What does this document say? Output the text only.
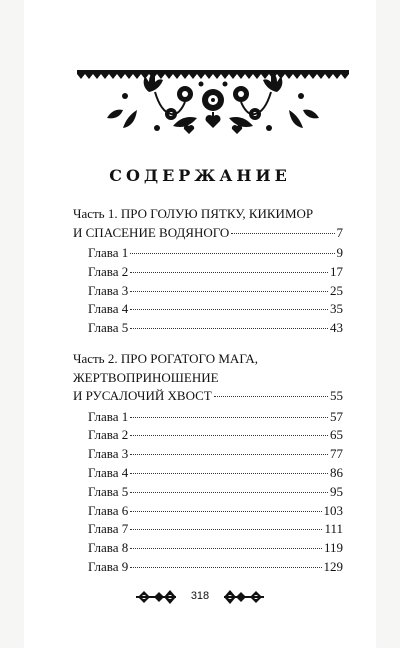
СОДЕРЖАНИЕ
Часть 1. ПРО ГОЛУЮ ПЯТКУ, КИКИМОР
И СПАСЕНИЕ ВОДЯНОГО	7
Глава 1	9
Глава 2	17
Глава 3	25
Глава 4	35
Глава 5	43
Часть 2. ПРО РОГАТОГО МАГА,
ЖЕРТВОПРИНОШЕНИЕ
И РУСАЛОЧИЙ ХВОСТ	55
Глава 1	57
Глава 2	65
Глава 3	77
Глава 4	86
Глава 5	95
Глава 6	103
Глава 7	111
Глава 8	119
Глава 9	129
318
